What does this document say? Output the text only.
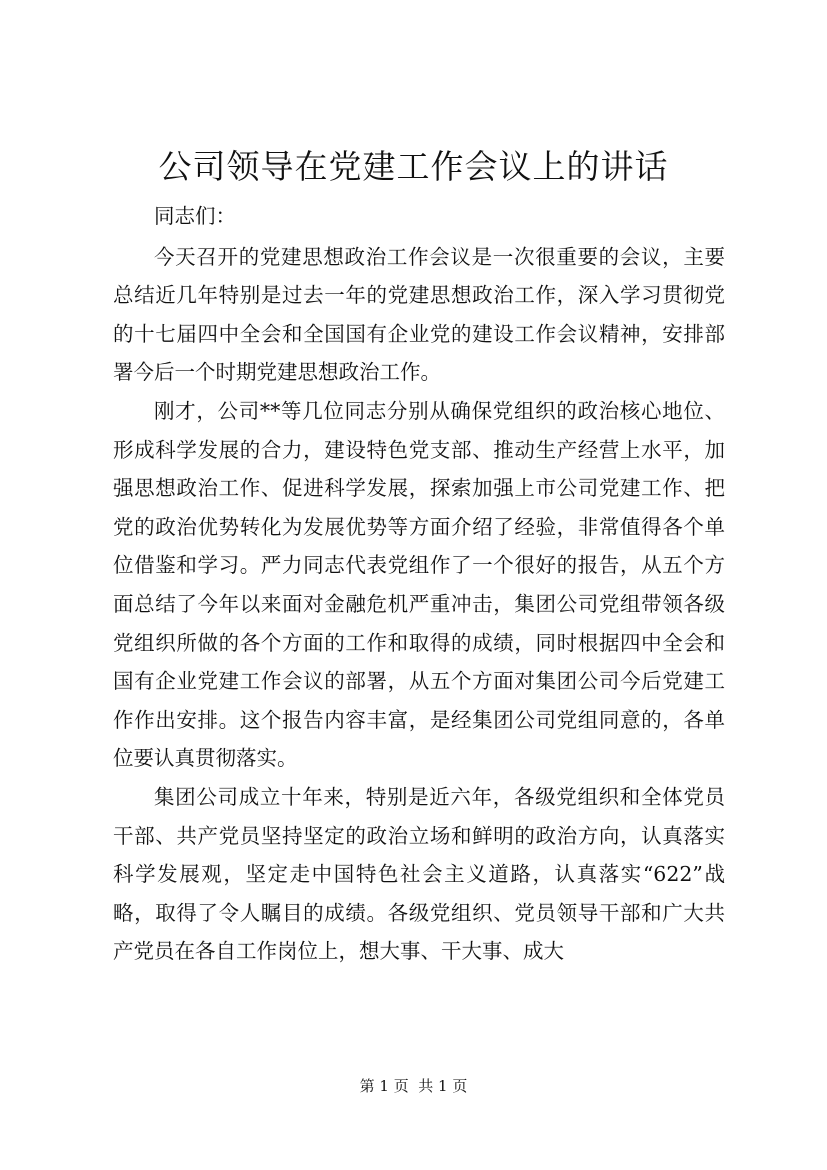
公司领导在党建工作会议上的讲话

同志们：

今天召开的党建思想政治工作会议是一次很重要的会议，主要总结近几年特别是过去一年的党建思想政治工作，深入学习贯彻党的十七届四中全会和全国国有企业党的建设工作会议精神，安排部署今后一个时期党建思想政治工作。

刚才，公司**等几位同志分别从确保党组织的政治核心地位、形成科学发展的合力，建设特色党支部、推动生产经营上水平，加强思想政治工作、促进科学发展，探索加强上市公司党建工作、把党的政治优势转化为发展优势等方面介绍了经验，非常值得各个单位借鉴和学习。严力同志代表党组作了一个很好的报告，从五个方面总结了今年以来面对金融危机严重冲击，集团公司党组带领各级党组织所做的各个方面的工作和取得的成绩，同时根据四中全会和国有企业党建工作会议的部署，从五个方面对集团公司今后党建工作作出安排。这个报告内容丰富，是经集团公司党组同意的，各单位要认真贯彻落实。

集团公司成立十年来，特别是近六年，各级党组织和全体党员干部、共产党员坚持坚定的政治立场和鲜明的政治方向，认真落实科学发展观，坚定走中国特色社会主义道路，认真落实“622”战略，取得了令人瞩目的成绩。各级党组织、党员领导干部和广大共产党员在各自工作岗位上，想大事、干大事、成大

第 1 页  共 1 页
